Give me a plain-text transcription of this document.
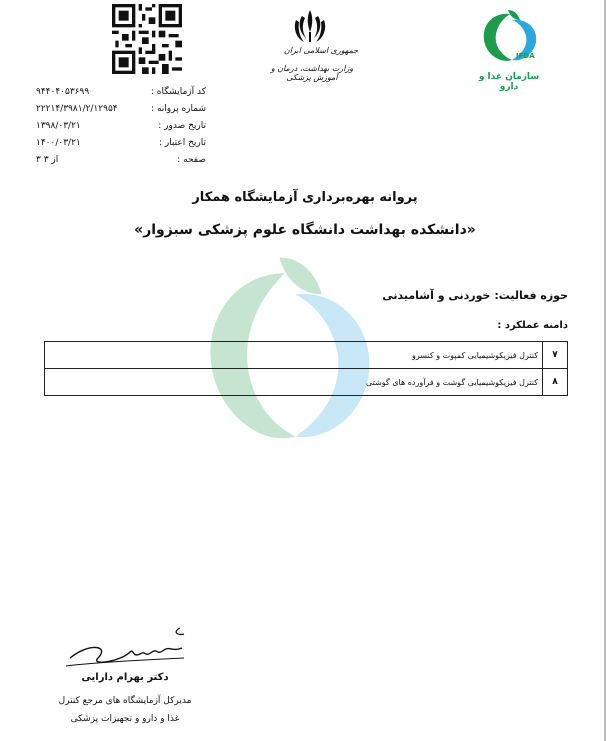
کد آزمایشگاه :
۹۴۴۰۴۰۵۳۶۹۹
شماره پروانه :
۲۲۲۱۴/۳۹۸۱/۲/۱۲۹۵۴
تاریخ صدور :
۱۳۹۸/۰۳/۲۱
تاریخ اعتبار :
۱۴۰۰/۰۳/۲۱
صفحه :
۳ از ۳
جمهوری اسلامی ایران
وزارت بهداشت، درمان و آموزش پزشکی
IFDA
سازمان غذا و دارو
پروانه بهره‌برداری آزمایشگاه همکار
«دانشکده بهداشت دانشگاه علوم پزشکی سبزوار»
حوزه فعالیت: خوردنی و آشامیدنی
دامنه عملکرد :
۷	کنترل فیزیکوشیمیایی کمپوت و کنسرو
۸	کنترل فیزیکوشیمیایی گوشت و فرآورده های گوشتی
دکتر بهرام دارایی
مدیرکل آزمایشگاه های مرجع کنترل
غذا و دارو و تجهیزات پزشکی
